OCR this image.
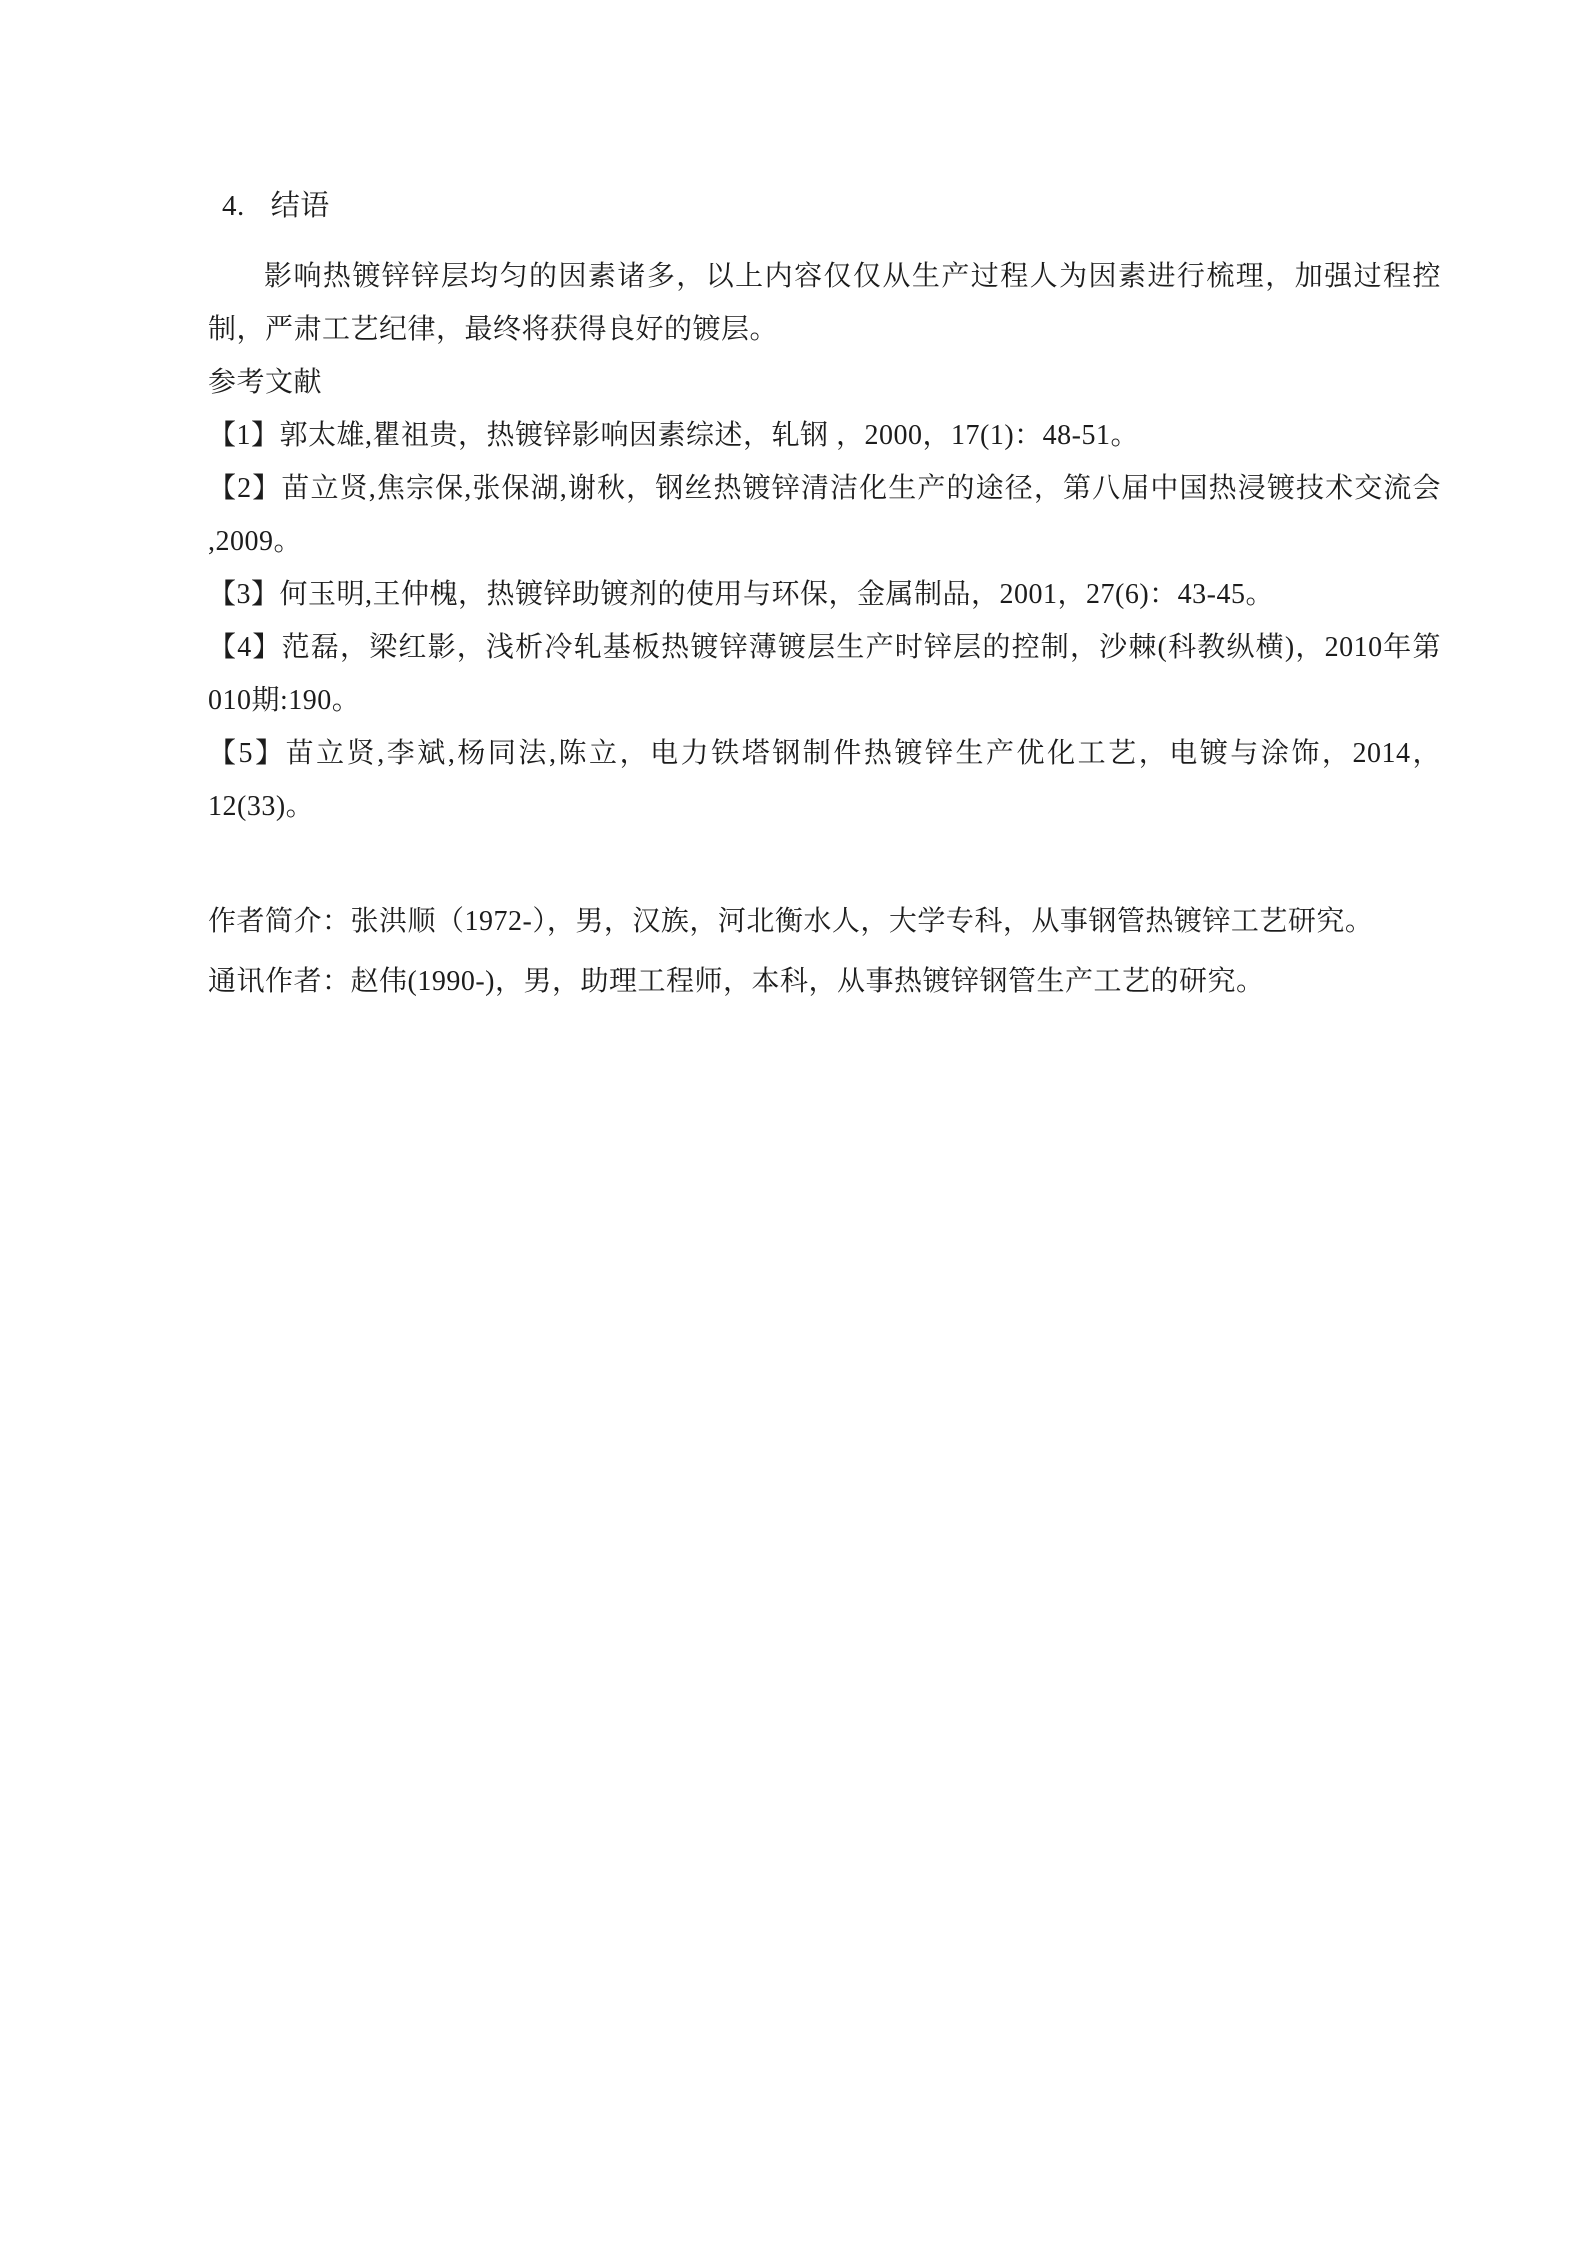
4. 结语

影响热镀锌锌层均匀的因素诸多，以上内容仅仅从生产过程人为因素进行梳理，加强过程控制，严肃工艺纪律，最终将获得良好的镀层。

参考文献

【1】郭太雄,瞿祖贵，热镀锌影响因素综述，轧钢 ，2000，17(1)：48-51。

【2】苗立贤,焦宗保,张保湖,谢秋，钢丝热镀锌清洁化生产的途径，第八届中国热浸镀技术交流会 ,2009。

【3】何玉明,王仲槐，热镀锌助镀剂的使用与环保，金属制品，2001，27(6)：43-45。

【4】范磊，梁红影，浅析冷轧基板热镀锌薄镀层生产时锌层的控制，沙棘(科教纵横)，2010年第010期:190。

【5】苗立贤,李斌,杨同法,陈立，电力铁塔钢制件热镀锌生产优化工艺，电镀与涂饰，2014，12(33)。

作者简介：张洪顺（1972-），男，汉族，河北衡水人，大学专科，从事钢管热镀锌工艺研究。

通讯作者：赵伟(1990-)，男，助理工程师，本科，从事热镀锌钢管生产工艺的研究。
